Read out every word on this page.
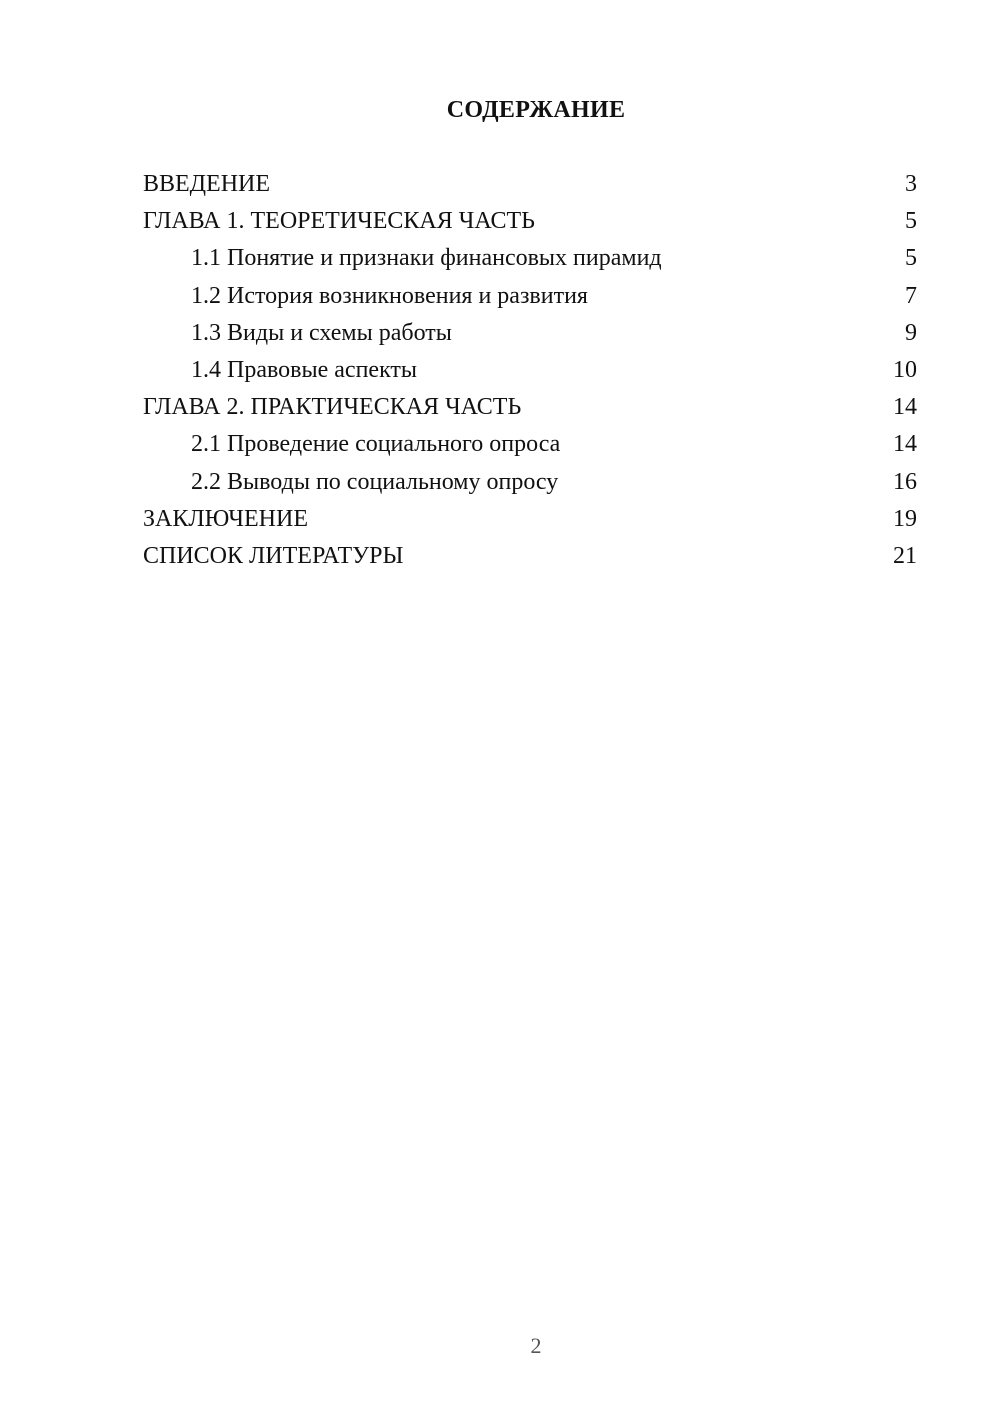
СОДЕРЖАНИЕ
ВВЕДЕНИЕ	3
ГЛАВА 1. ТЕОРЕТИЧЕСКАЯ ЧАСТЬ	5
1.1 Понятие и признаки финансовых пирамид	5
1.2 История возникновения и развития	7
1.3 Виды и схемы работы	9
1.4 Правовые аспекты	10
ГЛАВА 2. ПРАКТИЧЕСКАЯ ЧАСТЬ	14
2.1 Проведение социального опроса	14
2.2 Выводы по социальному опросу	16
ЗАКЛЮЧЕНИЕ	19
СПИСОК ЛИТЕРАТУРЫ	21
2
